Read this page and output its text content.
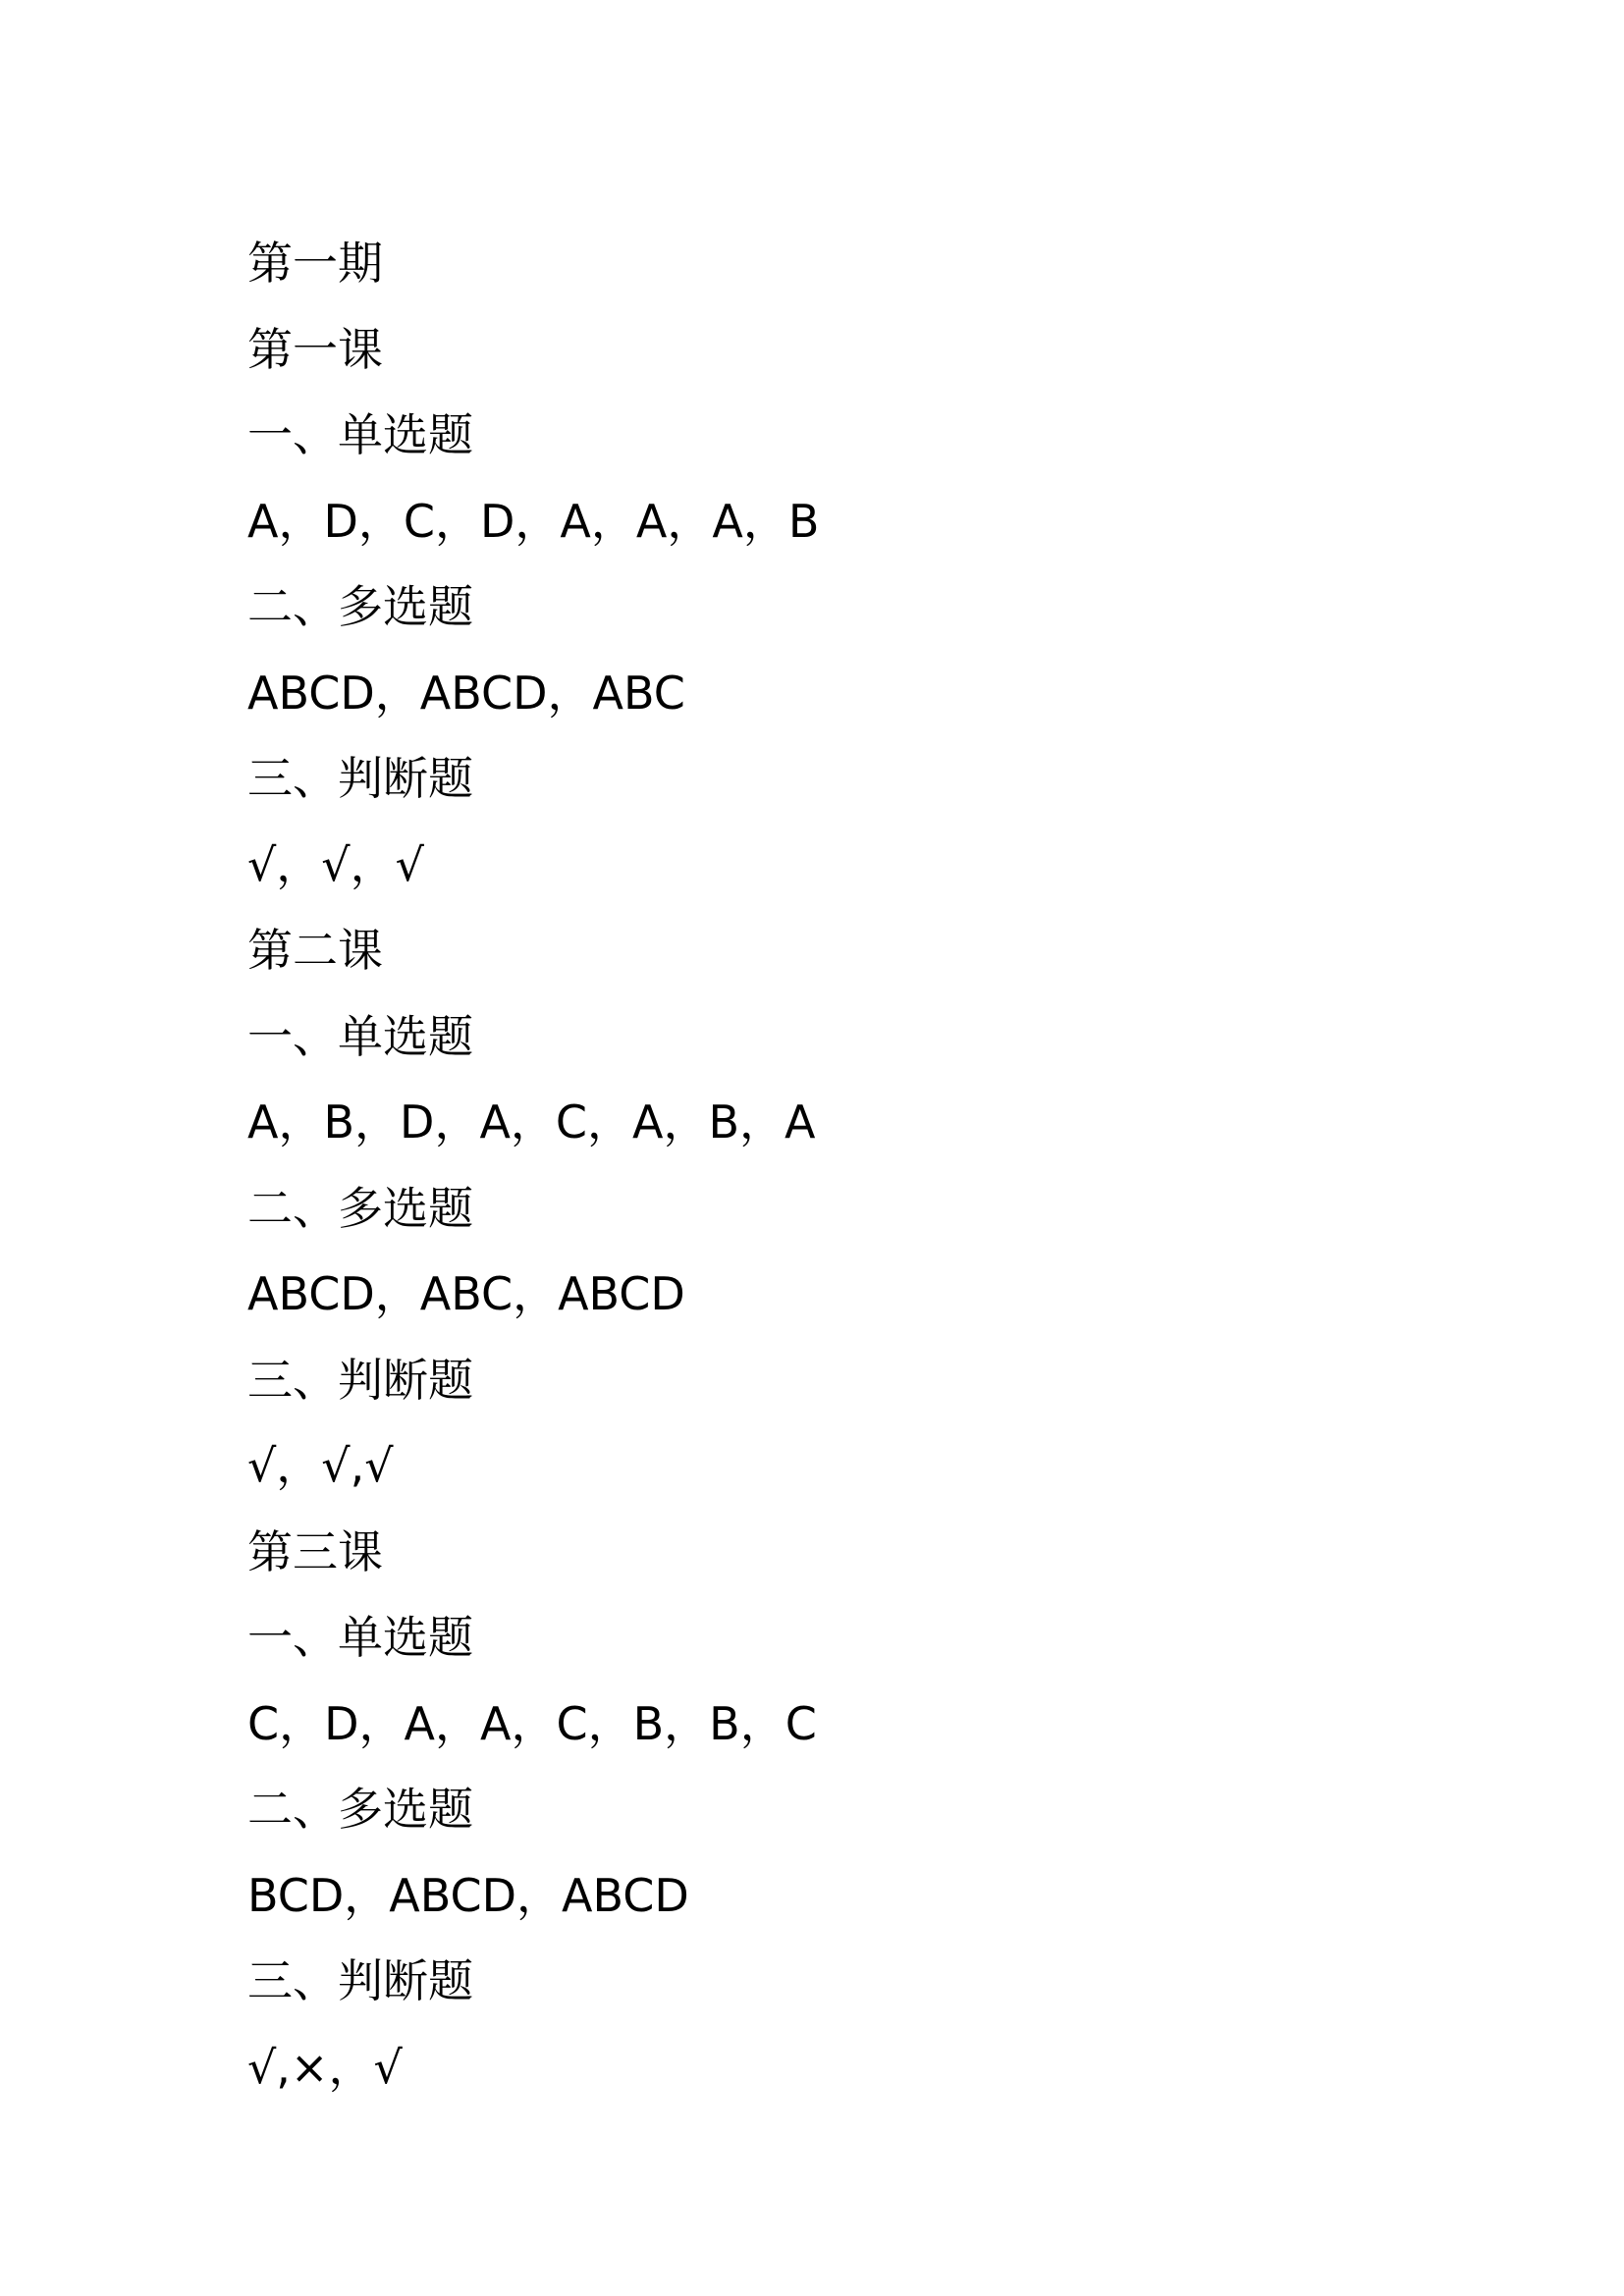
第一期

第一课

一、单选题

A，D，C，D，A，A，A，B

二、多选题

ABCD，ABCD，ABC

三、判断题

√，√，√

第二课

一、单选题

A，B，D，A，C，A，B，A

二、多选题

ABCD，ABC，ABCD

三、判断题

√，√,√

第三课

一、单选题

C，D，A，A，C，B，B，C

二、多选题

BCD，ABCD，ABCD

三、判断题

√,×，√
